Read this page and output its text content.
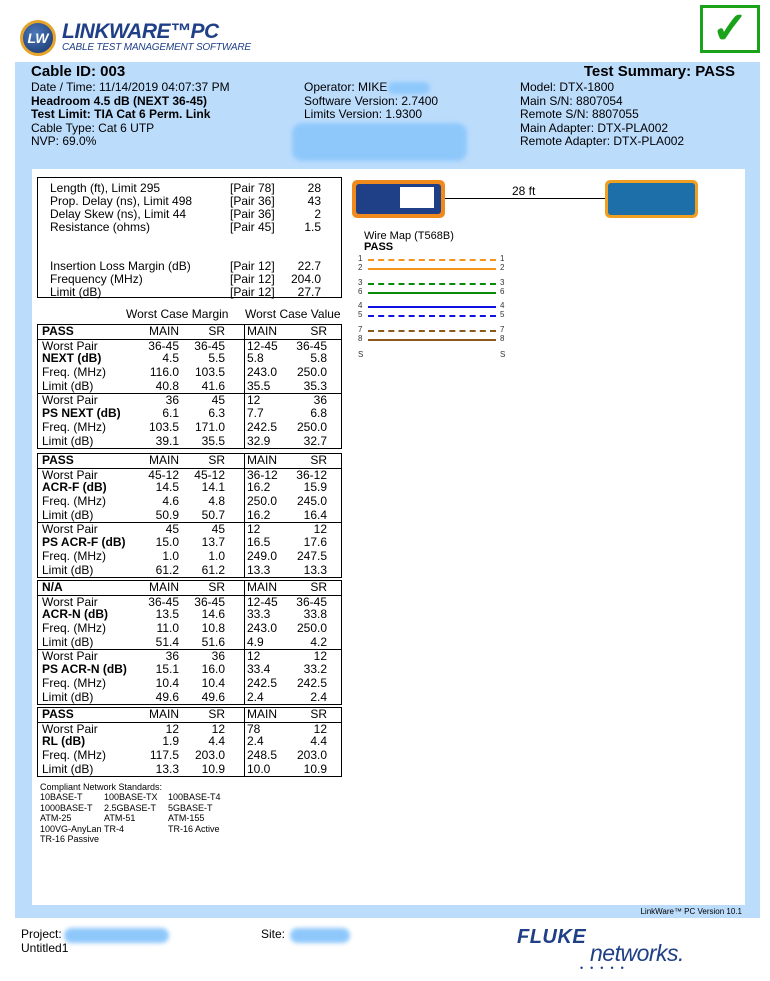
LW LINKWARE™PC
CABLE TEST MANAGEMENT SOFTWARE	✓
Cable ID: 003	Test Summary: PASS
Date / Time: 11/14/2019 04:07:37 PM
Headroom 4.5 dB (NEXT 36-45)
Test Limit: TIA Cat 6 Perm. Link
Cable Type: Cat 6 UTP
NVP: 69.0%
Operator: MIKE
Software Version: 2.7400
Limits Version: 1.9300
Model: DTX-1800
Main S/N: 8807054
Remote S/N: 8807055
Main Adapter: DTX-PLA002
Remote Adapter: DTX-PLA002
Length (ft), Limit 295	[Pair 78]	28
Prop. Delay (ns), Limit 498	[Pair 36]	43
Delay Skew (ns), Limit 44	[Pair 36]	2
Resistance (ohms)	[Pair 45] 1.5
Insertion Loss Margin (dB)	[Pair 12] 22.7
Frequency (MHz)	[Pair 12] 204.0
Limit (dB)	[Pair 12] 27.7
Worst Case Margin Worst Case Value
PASS	MAIN SR MAIN	SR
Worst Pair	36-45 36-45 12-45 36-45
NEXT (dB)	4.5 5.5 5.8	5.8
Freq. (MHz)	116.0 103.5 243.0 250.0
Limit (dB)	40.8 41.6 35.5	35.3
Worst Pair	36	45 12	36
PS NEXT (dB)	6.1 6.3 7.7	6.8
Freq. (MHz)	103.5 171.0 242.5 250.0
Limit (dB)	39.1 35.5 32.9	32.7
PASS	MAIN SR MAIN	SR
Worst Pair	45-12 45-12 36-12 36-12
ACR-F (dB)	14.5 14.1 16.2	15.9
Freq. (MHz)	4.6 4.8 250.0 245.0
Limit (dB)	50.9 50.7 16.2	16.4
Worst Pair	45	45 12	12
PS ACR-F (dB)	15.0 13.7 16.5	17.6
Freq. (MHz)	1.0 1.0 249.0 247.5
Limit (dB)	61.2 61.2 13.3	13.3
N/A	MAIN SR MAIN	SR
Worst Pair	36-45 36-45 12-45 36-45
ACR-N (dB)	13.5 14.6 33.3	33.8
Freq. (MHz)	11.0 10.8 243.0 250.0
Limit (dB)	51.4 51.6 4.9	4.2
Worst Pair	36	36 12	12
PS ACR-N (dB) 15.1 16.0 33.4	33.2
Freq. (MHz)	10.4 10.4 242.5 242.5
Limit (dB)	49.6 49.6 2.4	2.4
PASS	MAIN SR MAIN	SR
Worst Pair	12	12 78	12
RL (dB)	1.9 4.4 2.4	4.4
Freq. (MHz)	117.5 203.0 248.5 203.0
Limit (dB)	13.3 10.9 10.0	10.9
28 ft
Wire Map (T568B)
PASS
1	1
2	2
3	3
6	6
4	4
5	5
7	7
8	8
S	S
Compliant Network Standards:
10BASE-T 100BASE-TX 100BASE-T4
1000BASE-T 2.5GBASE-T 5GBASE-T
ATM-25	ATM-51	ATM-155
100VG-AnyLan TR-4	TR-16 Active
TR-16 Passive
LinkWare™ PC Version 10.1
Project:
Untitled1
Site:	FLUKE
networks.
•••••
